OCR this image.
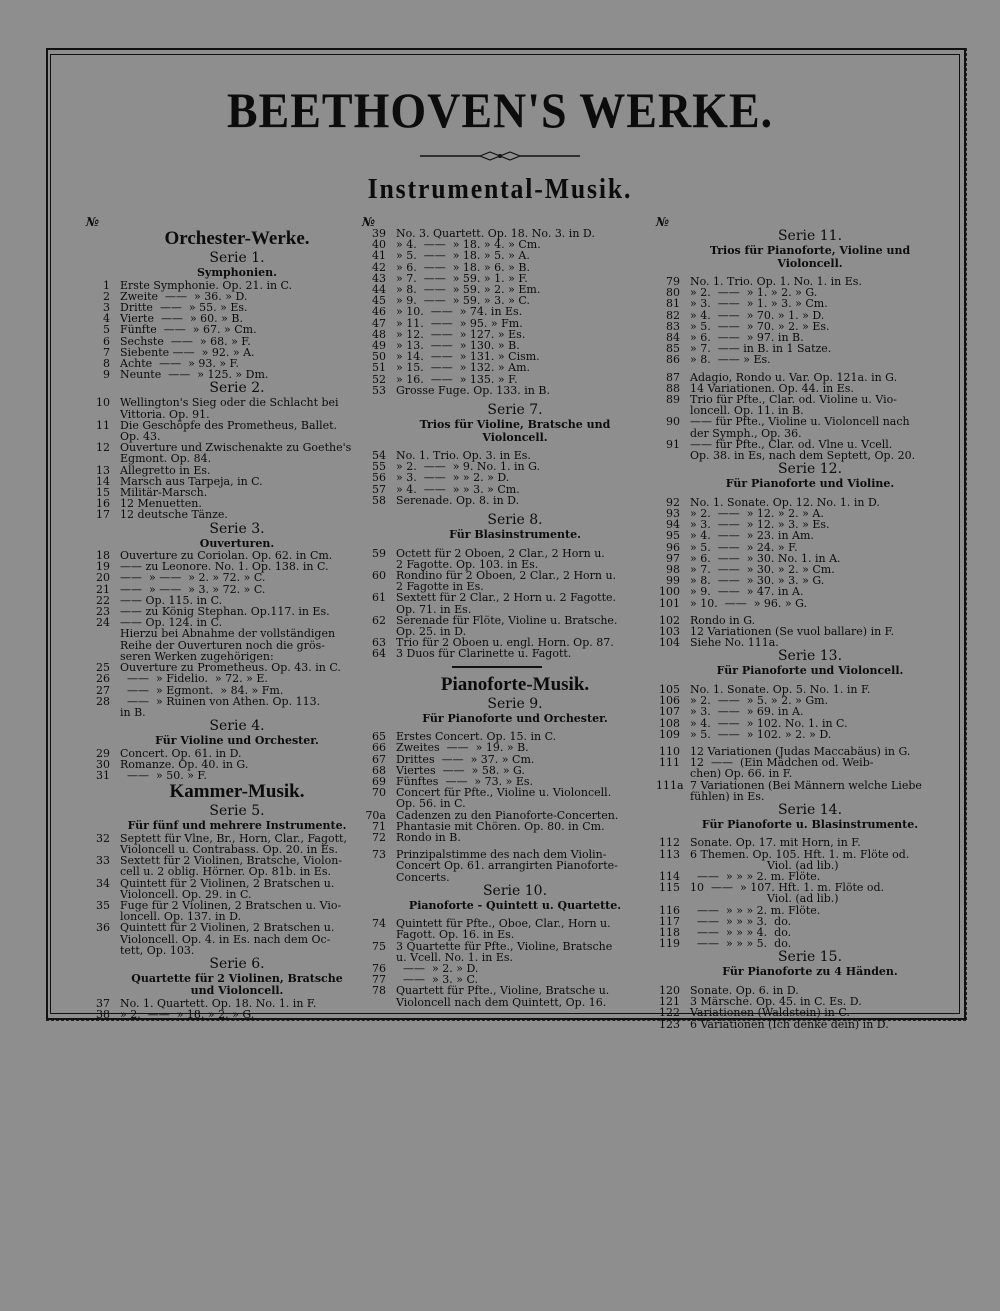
BEETHOVEN'S WERKE.
Instrumental-Musik.
№
Orchester-Werke.
Serie 1.
Symphonien.
1 Erste Symphonie. Op. 21. in C.
2 Zweite  ——  » 36. » D.
3 Dritte  ——  » 55. » Es.
4 Vierte  ——  » 60. » B.
5 Fünfte  ——  » 67. » Cm.
6 Sechste  ——  » 68. » F.
7 Siebente ——  » 92. » A.
8 Achte  ——  » 93. » F.
9 Neunte  ——  » 125. » Dm.
Serie 2.
10 Wellington's Sieg oder die Schlacht bei
Vittoria. Op. 91.
11 Die Geschöpfe des Prometheus, Ballet.
Op. 43.
12 Ouverture und Zwischenakte zu Goethe's
Egmont. Op. 84.
13 Allegretto in Es.
14 Marsch aus Tarpeja, in C.
15 Militär-Marsch.
16 12 Menuetten.
17 12 deutsche Tänze.
Serie 3.
Ouverturen.
18 Ouverture zu Coriolan. Op. 62. in Cm.
19 —— zu Leonore. No. 1. Op. 138. in C.
20 ——  » ——  » 2. » 72. » C.
21 ——  » ——  » 3. » 72. » C.
22 —— Op. 115. in C.
23 —— zu König Stephan. Op.117. in Es.
24 —— Op. 124. in C.
Hierzu bei Abnahme der vollständigen
Reihe der Ouverturen noch die grös-
seren Werken zugehörigen:
25 Ouverture zu Prometheus. Op. 43. in C.
26 ——  » Fidelio.  » 72. » E.
27 ——  » Egmont.  » 84. » Fm.
28	——  » Ruinen von Athen. Op. 113.
in B.
Serie 4.
Für Violine und Orchester.
29 Concert. Op. 61. in D.
30 Romanze. Op. 40. in G.
31 ——  » 50. » F.
Kammer-Musik.
Serie 5.
Für fünf und mehrere Instrumente.
32 Septett für Vlne, Br., Horn, Clar., Fagott,
Violoncell u. Contrabass. Op. 20. in Es.
33 Sextett für 2 Violinen, Bratsche, Violon-
cell u. 2 oblig. Hörner. Op. 81b. in Es.
34 Quintett für 2 Violinen, 2 Bratschen u.
Violoncell. Op. 29. in C.
35 Fuge für 2 Violinen, 2 Bratschen u. Vio-
loncell. Op. 137. in D.
36 Quintett für 2 Violinen, 2 Bratschen u.
Violoncell. Op. 4. in Es. nach dem Oc-
tett, Op. 103.
Serie 6.
Quartette für 2 Violinen, Bratsche
und Violoncell.
37 No. 1. Quartett. Op. 18. No. 1. in F.
38 » 2.  ——  » 18. » 2. » G.
№
39 No. 3. Quartett. Op. 18. No. 3. in D.
40 » 4.  ——  » 18. » 4. » Cm.
41 » 5.  ——  » 18. » 5. » A.
42 » 6.  ——  » 18. » 6. » B.
43 » 7.  ——  » 59. » 1. » F.
44 » 8.  ——  » 59. » 2. » Em.
45 » 9.  ——  » 59. » 3. » C.
46 » 10.  ——  » 74. in Es.
47 » 11.  ——  » 95. » Fm.
48 » 12.  ——  » 127. » Es.
49 » 13.  ——  » 130. » B.
50 » 14.  ——  » 131. » Cism.
51 » 15.  ——  » 132. » Am.
52 » 16.  ——  » 135. » F.
53 Grosse Fuge. Op. 133. in B.
Serie 7.
Trios für Violine, Bratsche und
Violoncell.
54 No. 1. Trio. Op. 3. in Es.
55 » 2.  ——  » 9. No. 1. in G.
56 » 3.  ——  » » 2. » D.
57 » 4.  ——  » » 3. » Cm.
58 Serenade. Op. 8. in D.
Serie 8.
Für Blasinstrumente.
59 Octett für 2 Oboen, 2 Clar., 2 Horn u.
2 Fagotte. Op. 103. in Es.
60 Rondino für 2 Oboen, 2 Clar., 2 Horn u.
2 Fagotte in Es.
61 Sextett für 2 Clar., 2 Horn u. 2 Fagotte.
Op. 71. in Es.
62 Serenade für Flöte, Violine u. Bratsche.
Op. 25. in D.
63 Trio für 2 Oboen u. engl. Horn. Op. 87.
64 3 Duos für Clarinette u. Fagott.
Pianoforte-Musik.
Serie 9.
Für Pianoforte und Orchester.
65 Erstes Concert. Op. 15. in C.
66 Zweites  ——  » 19. » B.
67 Drittes  ——  » 37. » Cm.
68 Viertes  ——  » 58. » G.
69 Fünftes  ——  » 73. » Es.
70 Concert für Pfte., Violine u. Violoncell.
Op. 56. in C.
70a Cadenzen zu den Pianoforte-Concerten.
71 Phantasie mit Chören. Op. 80. in Cm.
72 Rondo in B.
73 Prinzipalstimme des nach dem Violin-
Concert Op. 61. arrangirten Pianoforte-
Concerts.
Serie 10.
Pianoforte - Quintett u. Quartette.
74 Quintett für Pfte., Oboe, Clar., Horn u.
Fagott. Op. 16. in Es.
75 3 Quartette für Pfte., Violine, Bratsche
u. Vcell. No. 1. in Es.
76 ——  » 2. » D.
77 ——  » 3. » C.
78 Quartett für Pfte., Violine, Bratsche u.
Violoncell nach dem Quintett, Op. 16.
№
Serie 11.
Trios für Pianoforte, Violine und
Violoncell.
79 No. 1. Trio. Op. 1. No. 1. in Es.
80 » 2.  ——  » 1. » 2. » G.
81 » 3.  ——  » 1. » 3. » Cm.
82 » 4.  ——  » 70. » 1. » D.
83 » 5.  ——  » 70. » 2. » Es.
84 » 6.  ——  » 97. in B.
85 » 7.  —— in B. in 1 Satze.
86 » 8.  —— » Es.
87 Adagio, Rondo u. Var. Op. 121a. in G.
88 14 Variationen. Op. 44. in Es.
89 Trio für Pfte., Clar. od. Violine u. Vio-
loncell. Op. 11. in B.
90 —— für Pfte., Violine u. Violoncell nach
der Symph., Op. 36.
91 —— für Pfte., Clar. od. Vlne u. Vcell.
Op. 38. in Es, nach dem Septett, Op. 20.
Serie 12.
Für Pianoforte und Violine.
92 No. 1. Sonate. Op. 12. No. 1. in D.
93 » 2.  ——  » 12. » 2. » A.
94 » 3.  ——  » 12. » 3. » Es.
95 » 4.  ——  » 23. in Am.
96 » 5.  ——  » 24. » F.
97 » 6.  ——  » 30. No. 1. in A.
98 » 7.  ——  » 30. » 2. » Cm.
99 » 8.  ——  » 30. » 3. » G.
100 » 9.  ——  » 47. in A.
101 » 10.  ——  » 96. » G.
102 Rondo in G.
103 12 Variationen (Se vuol ballare) in F.
104 Siehe No. 111a.
Serie 13.
Für Pianoforte und Violoncell.
105 No. 1. Sonate. Op. 5. No. 1. in F.
106 » 2.  ——  » 5. » 2. » Gm.
107 » 3.  ——  » 69. in A.
108 » 4.  ——  » 102. No. 1. in C.
109 » 5.  ——  » 102. » 2. » D.
110 12 Variationen (Judas Maccabäus) in G.
111 12  ——  (Ein Mädchen od. Weib-
chen) Op. 66. in F.
111a 7 Variationen (Bei Männern welche Liebe
fühlen) in Es.
Serie 14.
Für Pianoforte u. Blasinstrumente.
112 Sonate. Op. 17. mit Horn, in F.
113 6 Themen. Op. 105. Hft. 1. m. Flöte od.
Viol. (ad lib.)
114 ——  » » » 2. m. Flöte.
115 10  ——  » 107. Hft. 1. m. Flöte od.
Viol. (ad lib.)
116 ——  » » » 2. m. Flöte.
117 ——  » » » 3.  do.
118 ——  » » » 4.  do.
119 ——  » » » 5.  do.
Serie 15.
Für Pianoforte zu 4 Händen.
120 Sonate. Op. 6. in D.
121 3 Märsche. Op. 45. in C. Es. D.
122 Variationen (Waldstein) in C.
123 6 Variationen (Ich denke dein) in D.
